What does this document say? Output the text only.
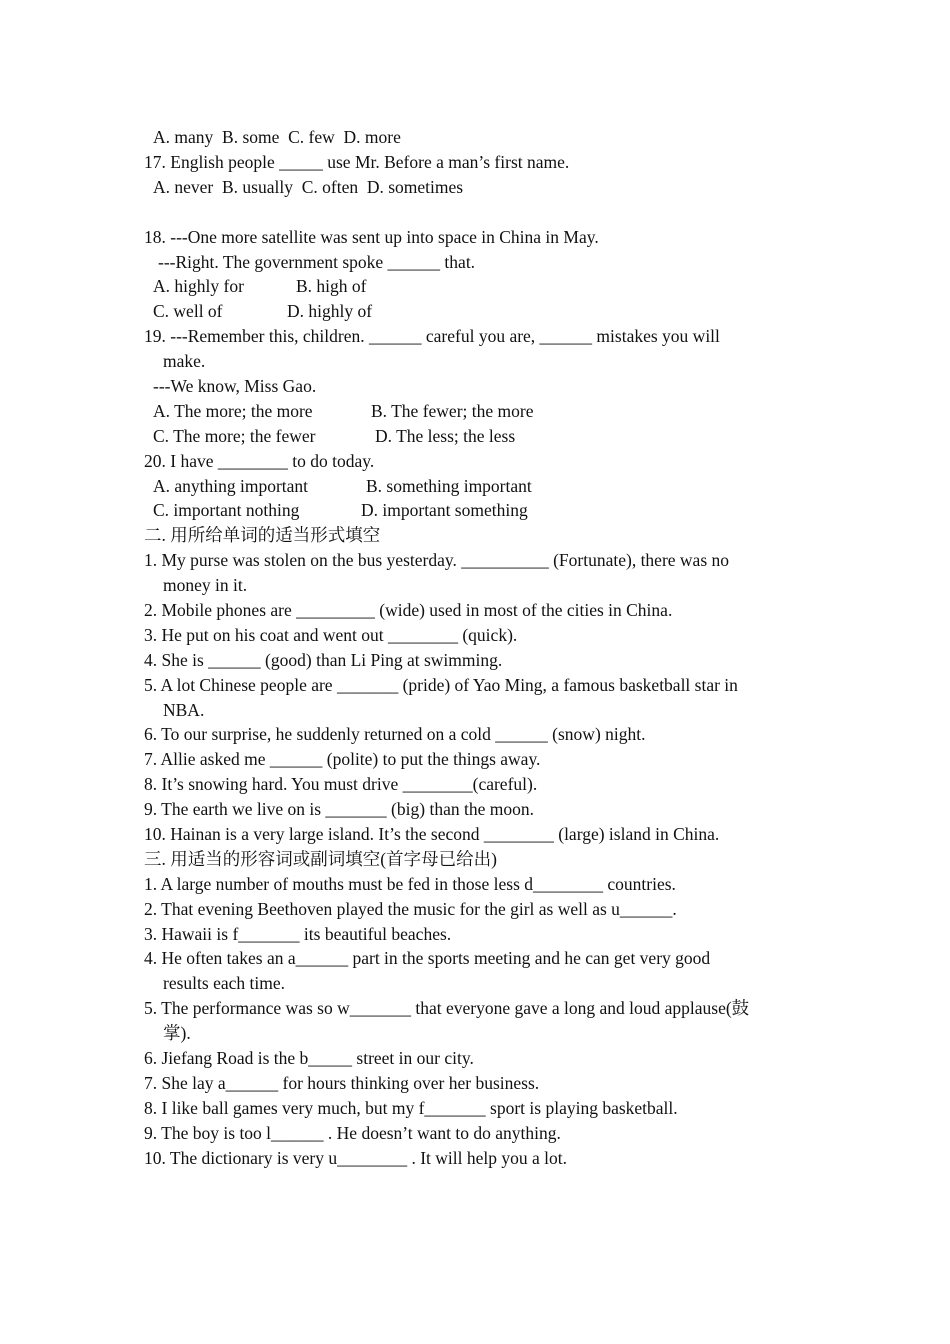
A. many  B. some  C. few  D. more
17. English people _____ use Mr. Before a man’s first name.
A. never  B. usually  C. often  D. sometimes
18. ---One more satellite was sent up into space in China in May.
---Right. The government spoke ______ that.
A. highly for	B. high of
C. well of	D. highly of
19. ---Remember this, children. ______ careful you are, ______ mistakes you will
make.
---We know, Miss Gao.
A. The more; the more	B. The fewer; the more
C. The more; the fewer	D. The less; the less
20. I have ________ to do today.
A. anything important	B. something important
C. important nothing	D. important something
二. 用所给单词的适当形式填空
1. My purse was stolen on the bus yesterday. __________ (Fortunate), there was no
money in it.
2. Mobile phones are _________ (wide) used in most of the cities in China.
3. He put on his coat and went out ________ (quick).
4. She is ______ (good) than Li Ping at swimming.
5. A lot Chinese people are _______ (pride) of Yao Ming, a famous basketball star in
NBA.
6. To our surprise, he suddenly returned on a cold ______ (snow) night.
7. Allie asked me ______ (polite) to put the things away.
8. It’s snowing hard. You must drive ________(careful).
9. The earth we live on is _______ (big) than the moon.
10. Hainan is a very large island. It’s the second ________ (large) island in China.
三. 用适当的形容词或副词填空(首字母已给出)
1. A large number of mouths must be fed in those less d________ countries.
2. That evening Beethoven played the music for the girl as well as u______.
3. Hawaii is f_______ its beautiful beaches.
4. He often takes an a______ part in the sports meeting and he can get very good
results each time.
5. The performance was so w_______ that everyone gave a long and loud applause(鼓
掌).
6. Jiefang Road is the b_____ street in our city.
7. She lay a______ for hours thinking over her business.
8. I like ball games very much, but my f_______ sport is playing basketball.
9. The boy is too l______ . He doesn’t want to do anything.
10. The dictionary is very u________ . It will help you a lot.
